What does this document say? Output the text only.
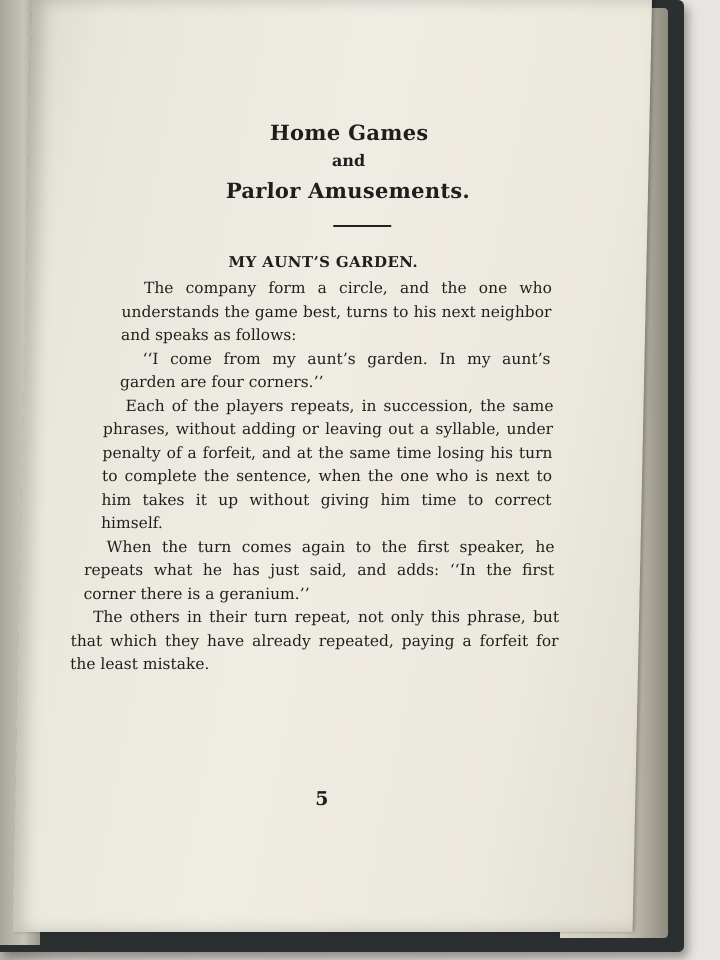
Home Games

and

Parlor Amusements.

MY AUNT’S GARDEN.

The company form a circle, and the one who understands the game best, turns to his next neighbor and speaks as follows:

‘‘I come from my aunt’s garden. In my aunt’s garden are four corners.’’

Each of the players repeats, in succession, the same phrases, without adding or leaving out a syllable, under penalty of a forfeit, and at the same time losing his turn to complete the sentence, when the one who is next to him takes it up without giving him time to correct himself.

When the turn comes again to the first speaker, he repeats what he has just said, and adds: ‘‘In the first corner there is a geranium.’’

The others in their turn repeat, not only this phrase, but that which they have already repeated, paying a forfeit for the least mistake.

5
